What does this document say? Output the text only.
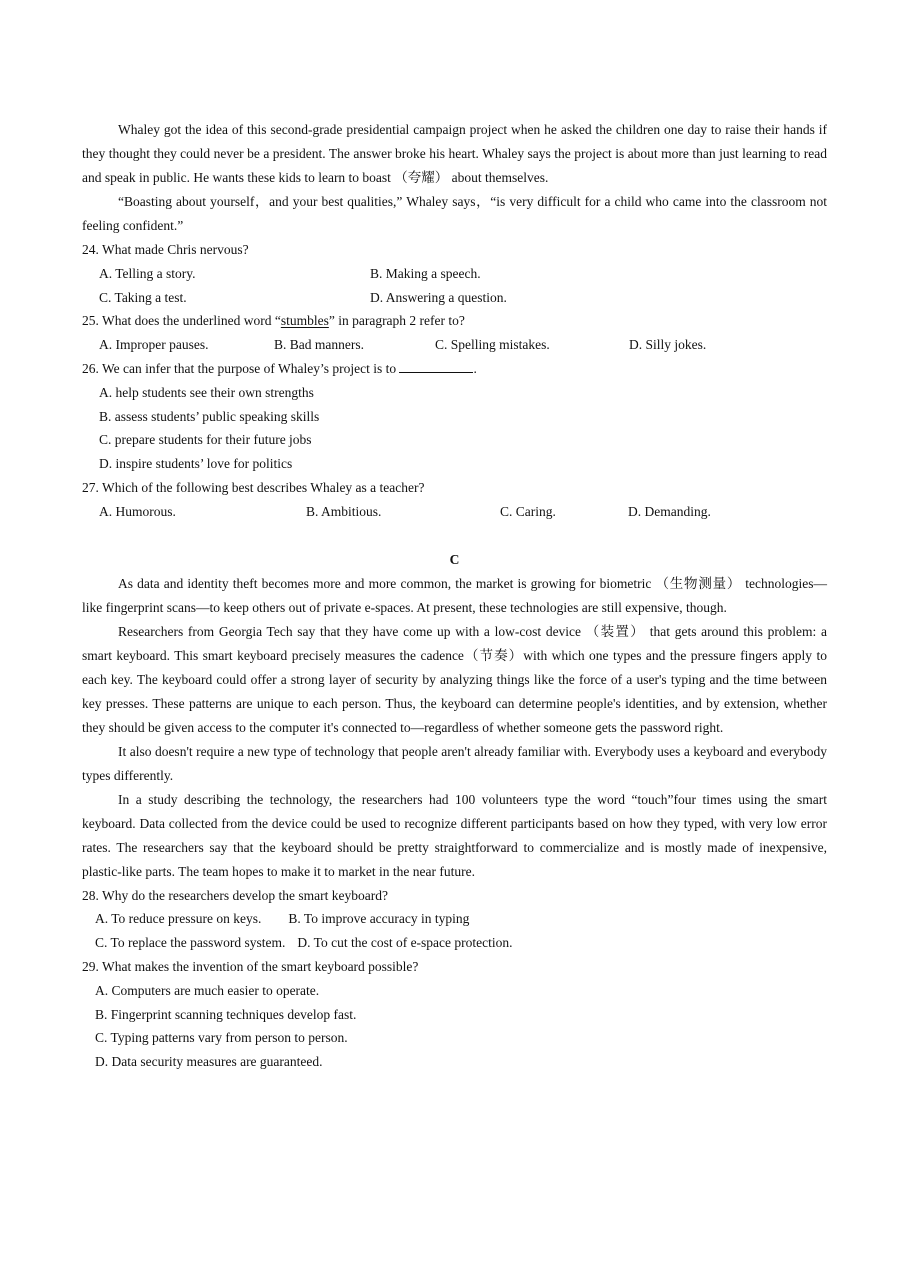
Whaley got the idea of this second-grade presidential campaign project when he asked the children one day to raise their hands if they thought they could never be a president. The answer broke his heart. Whaley says the project is about more than just learning to read and speak in public. He wants these kids to learn to boast （夸耀） about themselves.

“Boasting about yourself，and your best qualities,” Whaley says，“is very difficult for a child who came into the classroom not feeling confident.”

24. What made Chris nervous?

A. Telling a story.	B. Making a speech.
C. Taking a test.	D. Answering a question.

25. What does the underlined word “stumbles” in paragraph 2 refer to?

A. Improper pauses.	B. Bad manners.	C. Spelling mistakes.	D. Silly jokes.

26. We can infer that the purpose of Whaley’s project is to	.

A. help students see their own strengths

B. assess students’ public speaking skills

C. prepare students for their future jobs

D. inspire students’ love for politics

27. Which of the following best describes Whaley as a teacher?

A. Humorous.	B. Ambitious.	C. Caring.	D. Demanding.

C

As data and identity theft becomes more and more common, the market is growing for biometric （生物测量） technologies—like fingerprint scans—to keep others out of private e-spaces. At present, these technologies are still expensive, though.

Researchers from Georgia Tech say that they have come up with a low-cost device （装置） that gets around this problem: a smart keyboard. This smart keyboard precisely measures the cadence（节奏）with which one types and the pressure fingers apply to each key. The keyboard could offer a strong layer of security by analyzing things like the force of a user's typing and the time between key presses. These patterns are unique to each person. Thus, the keyboard can determine people's identities, and by extension, whether they should be given access to the computer it's connected to—regardless of whether someone gets the password right.

It also doesn't require a new type of technology that people aren't already familiar with. Everybody uses a keyboard and everybody types differently.

In a study describing the technology, the researchers had 100 volunteers type the word “touch”four times using the smart keyboard. Data collected from the device could be used to recognize different participants based on how they typed, with very low error rates. The researchers say that the keyboard should be pretty straightforward to commercialize and is mostly made of inexpensive, plastic-like parts. The team hopes to make it to market in the near future.

28. Why do the researchers develop the smart keyboard?

A. To reduce pressure on keys. B. To improve accuracy in typing

C. To replace the password system. D. To cut the cost of e-space protection.

29. What makes the invention of the smart keyboard possible?

A. Computers are much easier to operate.

B. Fingerprint scanning techniques develop fast.

C. Typing patterns vary from person to person.

D. Data security measures are guaranteed.
